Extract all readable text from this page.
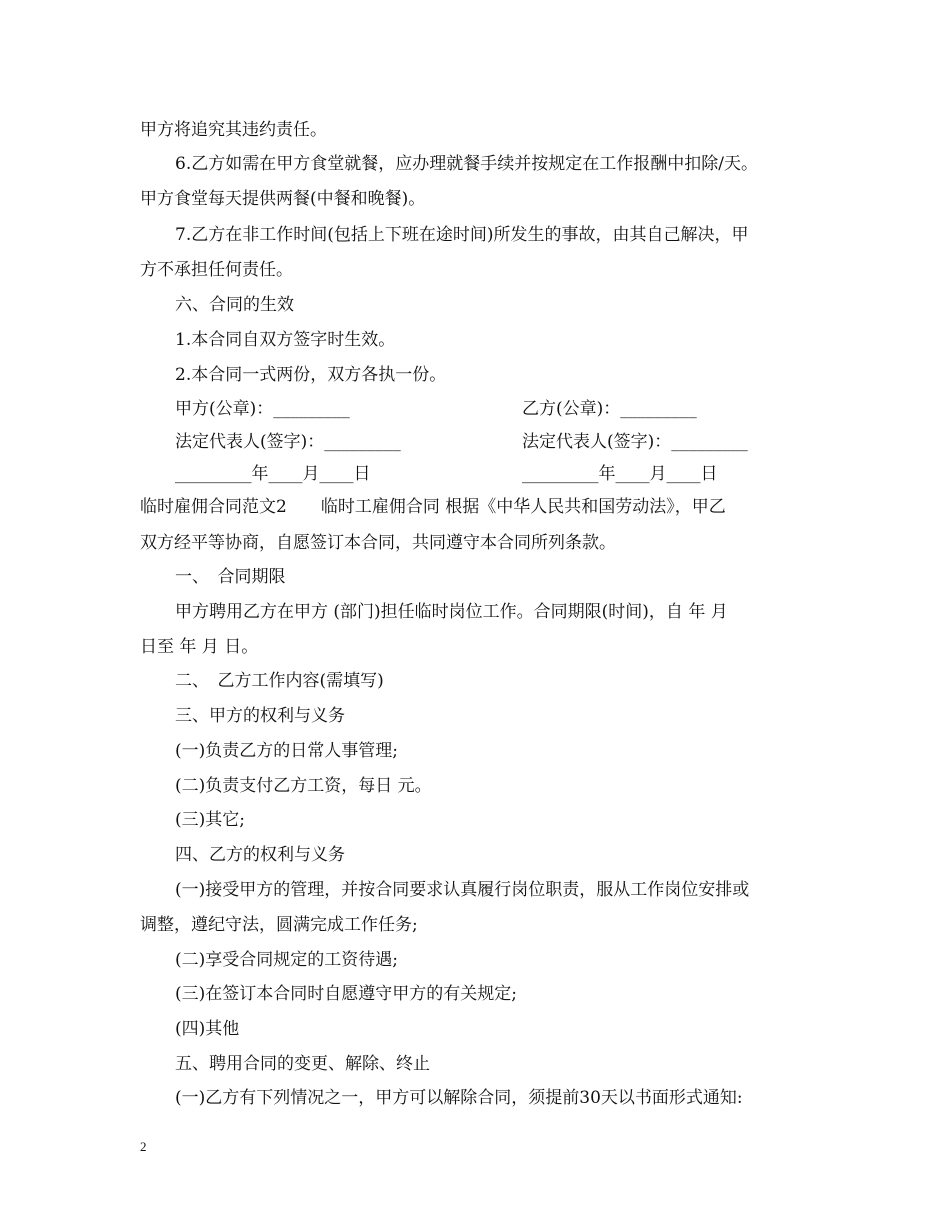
甲方将追究其违约责任。
6.乙方如需在甲方食堂就餐，应办理就餐手续并按规定在工作报酬中扣除/天。
甲方食堂每天提供两餐(中餐和晚餐)。
7.乙方在非工作时间(包括上下班在途时间)所发生的事故，由其自己解决，甲
方不承担任何责任。
六、合同的生效
1.本合同自双方签字时生效。
2.本合同一式两份，双方各执一份。
甲方(公章)：_________	乙方(公章)：_________
法定代表人(签字)：_________	法定代表人(签字)：_________
_________年____月____日	_________年____月____日
临时雇佣合同范文2　　临时工雇佣合同 根据《中华人民共和国劳动法》，甲乙
双方经平等协商，自愿签订本合同，共同遵守本合同所列条款。
一、　合同期限
甲方聘用乙方在甲方 (部门)担任临时岗位工作。合同期限(时间)，自 年 月
日至 年 月 日。
二、　乙方工作内容(需填写)
三、甲方的权利与义务
(一)负责乙方的日常人事管理;
(二)负责支付乙方工资，每日 元。
(三)其它;
四、乙方的权利与义务
(一)接受甲方的管理，并按合同要求认真履行岗位职责，服从工作岗位安排或
调整，遵纪守法，圆满完成工作任务;
(二)享受合同规定的工资待遇;
(三)在签订本合同时自愿遵守甲方的有关规定;
(四)其他
五、聘用合同的变更、解除、终止
(一)乙方有下列情况之一，甲方可以解除合同，须提前30天以书面形式通知:
2
